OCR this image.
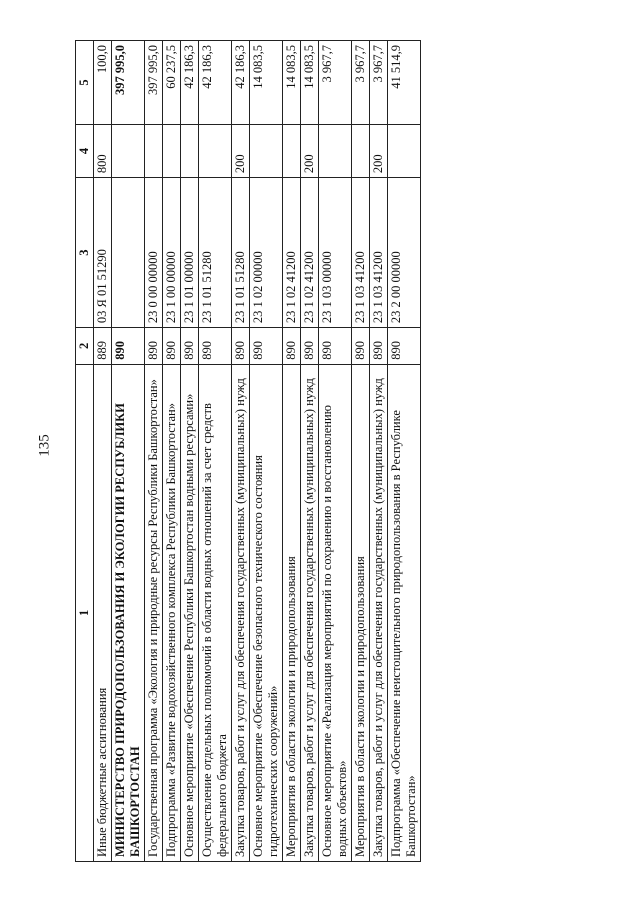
135
1	2	3	4	5
Иные бюджетные ассигнования	889	03 Я 01 51290	800	100,0
МИНИСТЕРСТВО ПРИРОДОПОЛЬЗОВАНИЯ И ЭКОЛОГИИ РЕСПУБЛИКИ БАШКОРТОСТАН	890			397 995,0
Государственная программа «Экология и природные ресурсы Республики Башкортостан»	890	23 0 00 00000		397 995,0
Подпрограмма «Развитие водохозяйственного комплекса Республики Башкортостан»	890	23 1 00 00000		60 237,5
Основное мероприятие «Обеспечение Республики Башкортостан водными ресурсами»	890	23 1 01 00000		42 186,3
Осуществление отдельных полномочий в области водных отношений за счет средств федерального бюджета	890	23 1 01 51280		42 186,3
Закупка товаров, работ и услуг для обеспечения государственных (муниципальных) нужд	890	23 1 01 51280	200	42 186,3
Основное мероприятие «Обеспечение безопасного технического состояния гидротехнических сооружений»	890	23 1 02 00000		14 083,5
Мероприятия в области экологии и природопользования	890	23 1 02 41200		14 083,5
Закупка товаров, работ и услуг для обеспечения государственных (муниципальных) нужд	890	23 1 02 41200	200	14 083,5
Основное мероприятие «Реализация мероприятий по сохранению и восстановлению водных объектов»	890	23 1 03 00000		3 967,7
Мероприятия в области экологии и природопользования	890	23 1 03 41200		3 967,7
Закупка товаров, работ и услуг для обеспечения государственных (муниципальных) нужд	890	23 1 03 41200	200	3 967,7
Подпрограмма «Обеспечение неистощительного природопользования в Республике Башкортостан»	890	23 2 00 00000		41 514,9
